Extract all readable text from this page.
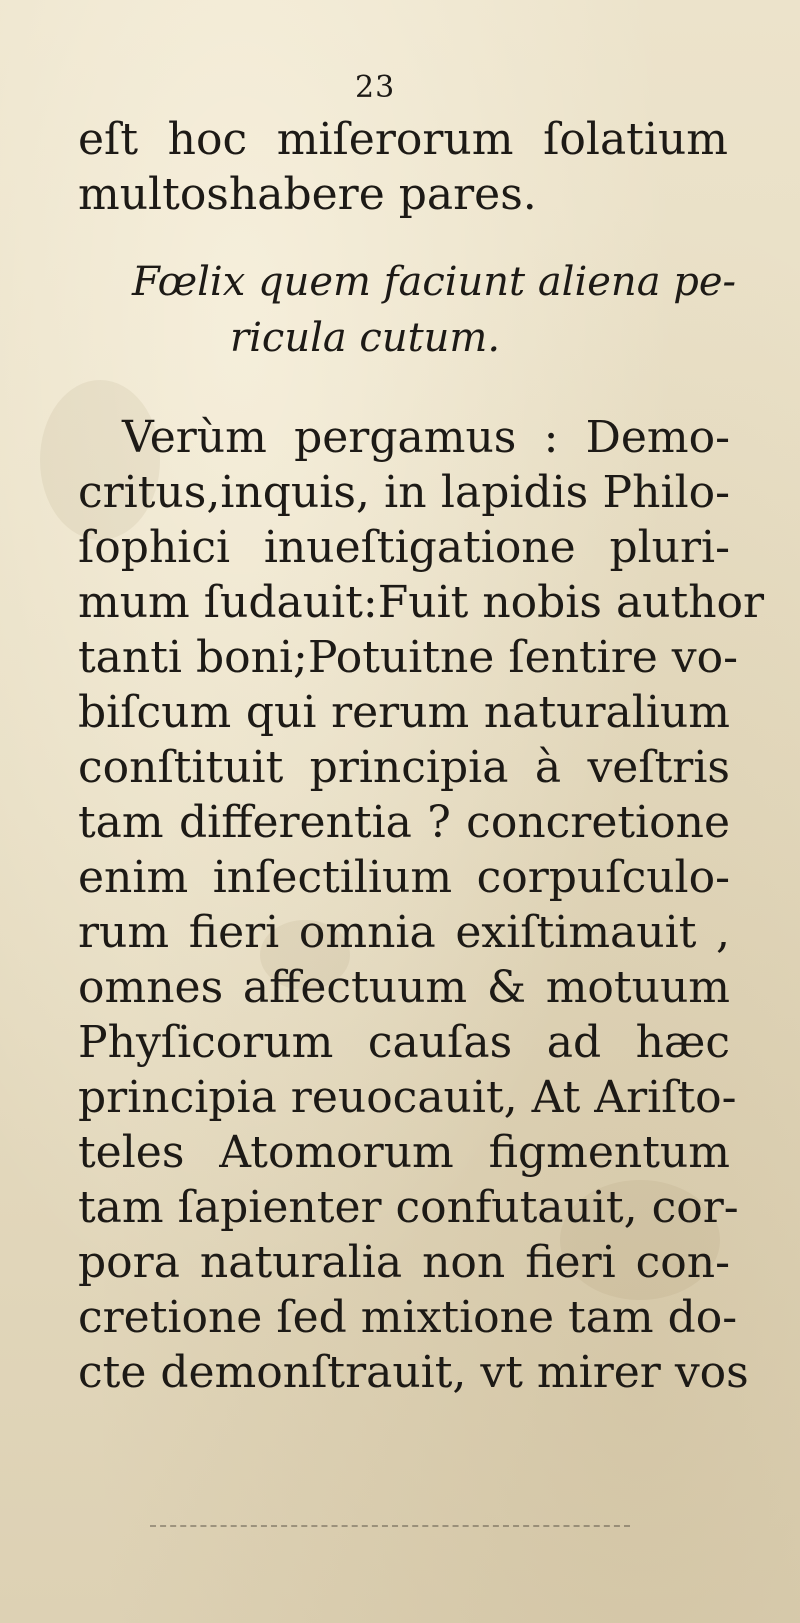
23
eſt hoc miſerorum ſolatium
multoshabere pares.
Fœlix quem faciunt aliena pe-
ricula cutum.
Verùm pergamus : Demo-
critus,inquis, in lapidis Philo-
ſophici inueſtigatione pluri-
mum ſudauit:Fuit nobis author
tanti boni;Potuitne ſentire vo-
biſcum qui rerum naturalium
conſtituit principia à veſtris
tam differentia ? concretione
enim inſectilium corpuſculo-
rum fieri omnia exiſtimauit ,
omnes affectuum & motuum
Phyſicorum cauſas ad hæc
principia reuocauit, At Ariſto-
teles Atomorum figmentum
tam ſapienter confutauit, cor-
pora naturalia non fieri con-
cretione ſed mixtione tam do-
cte demonſtrauit, vt mirer vos
